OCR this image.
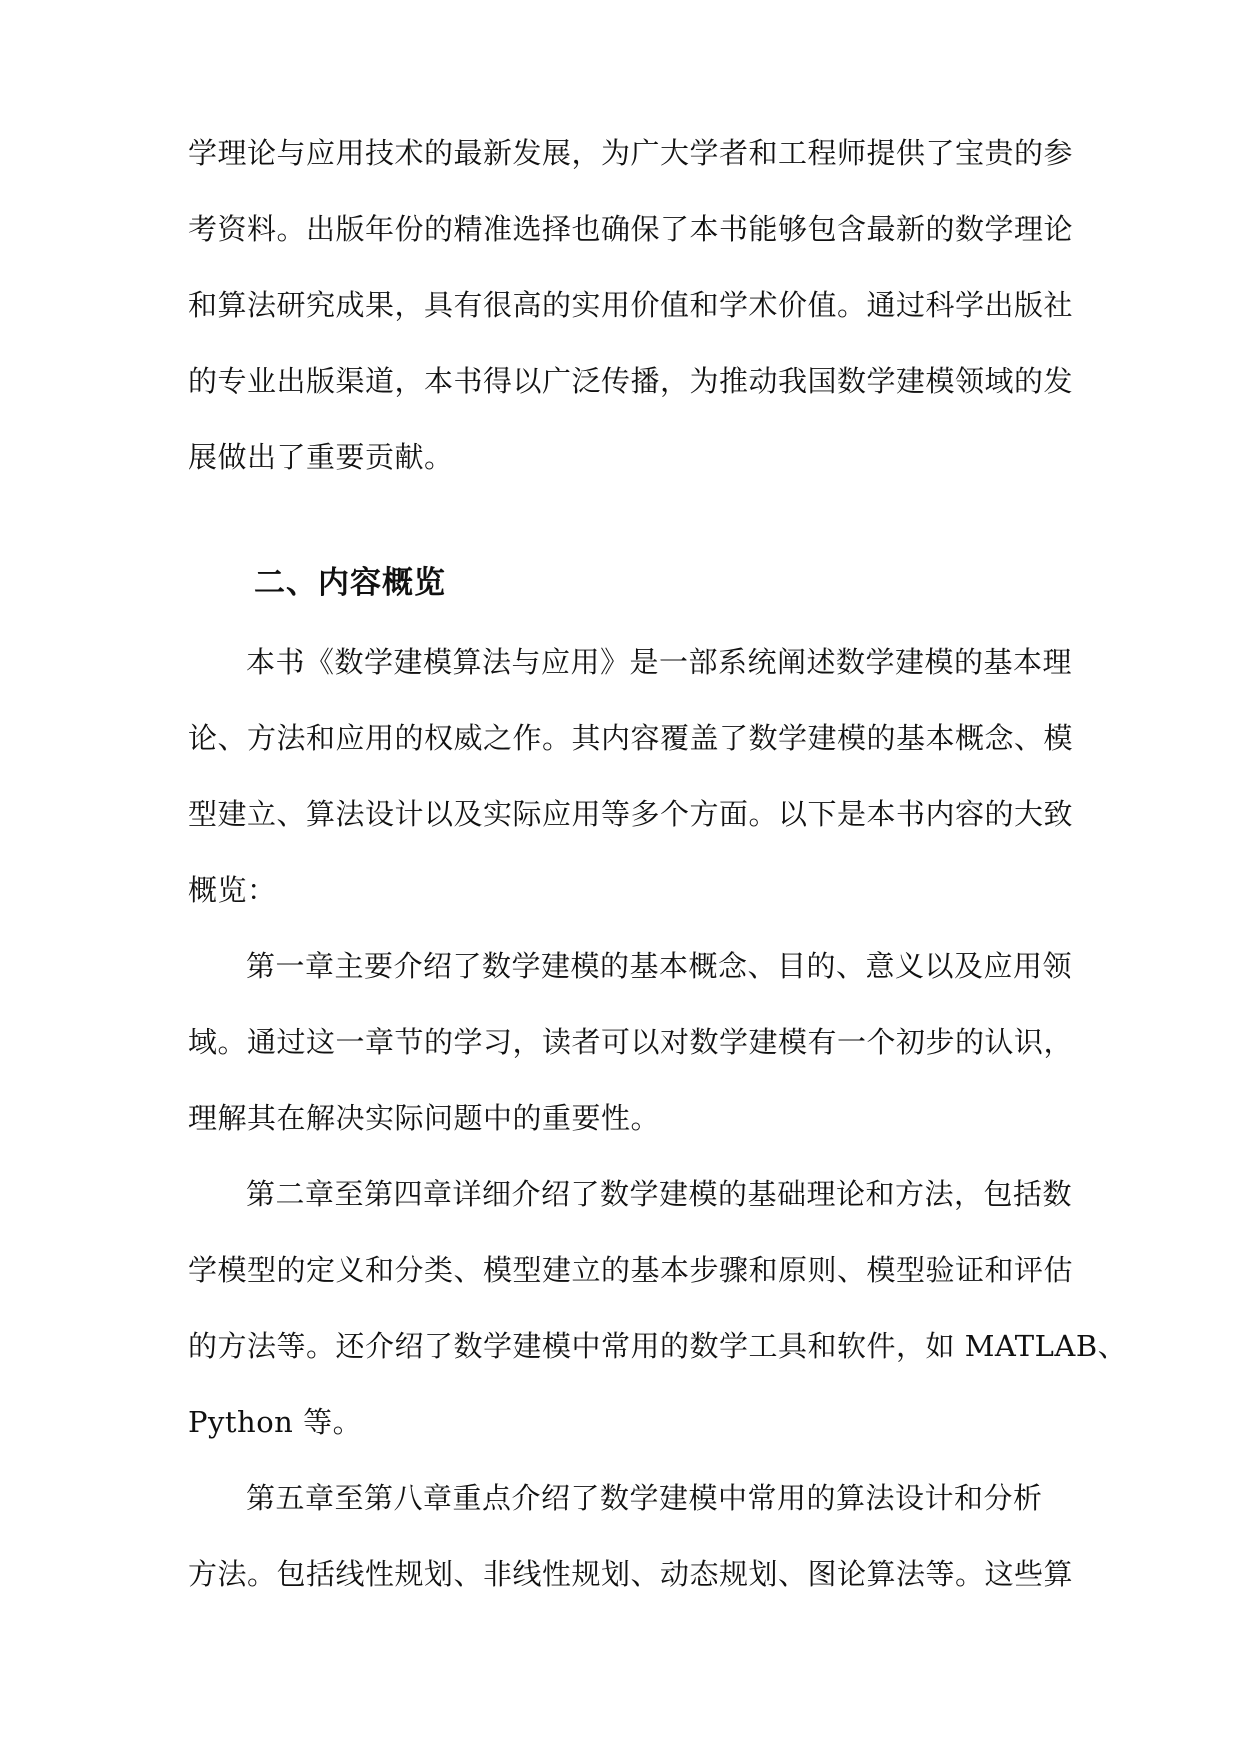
学理论与应用技术的最新发展，为广大学者和工程师提供了宝贵的参
考资料。出版年份的精准选择也确保了本书能够包含最新的数学理论
和算法研究成果，具有很高的实用价值和学术价值。通过科学出版社
的专业出版渠道，本书得以广泛传播，为推动我国数学建模领域的发
展做出了重要贡献。
二、内容概览
本书《数学建模算法与应用》是一部系统阐述数学建模的基本理
论、方法和应用的权威之作。其内容覆盖了数学建模的基本概念、模
型建立、算法设计以及实际应用等多个方面。以下是本书内容的大致
概览：
第一章主要介绍了数学建模的基本概念、目的、意义以及应用领
域。通过这一章节的学习，读者可以对数学建模有一个初步的认识，
理解其在解决实际问题中的重要性。
第二章至第四章详细介绍了数学建模的基础理论和方法，包括数
学模型的定义和分类、模型建立的基本步骤和原则、模型验证和评估
的方法等。还介绍了数学建模中常用的数学工具和软件，如 MATLAB、
Python 等。
第五章至第八章重点介绍了数学建模中常用的算法设计和分析
方法。包括线性规划、非线性规划、动态规划、图论算法等。这些算
